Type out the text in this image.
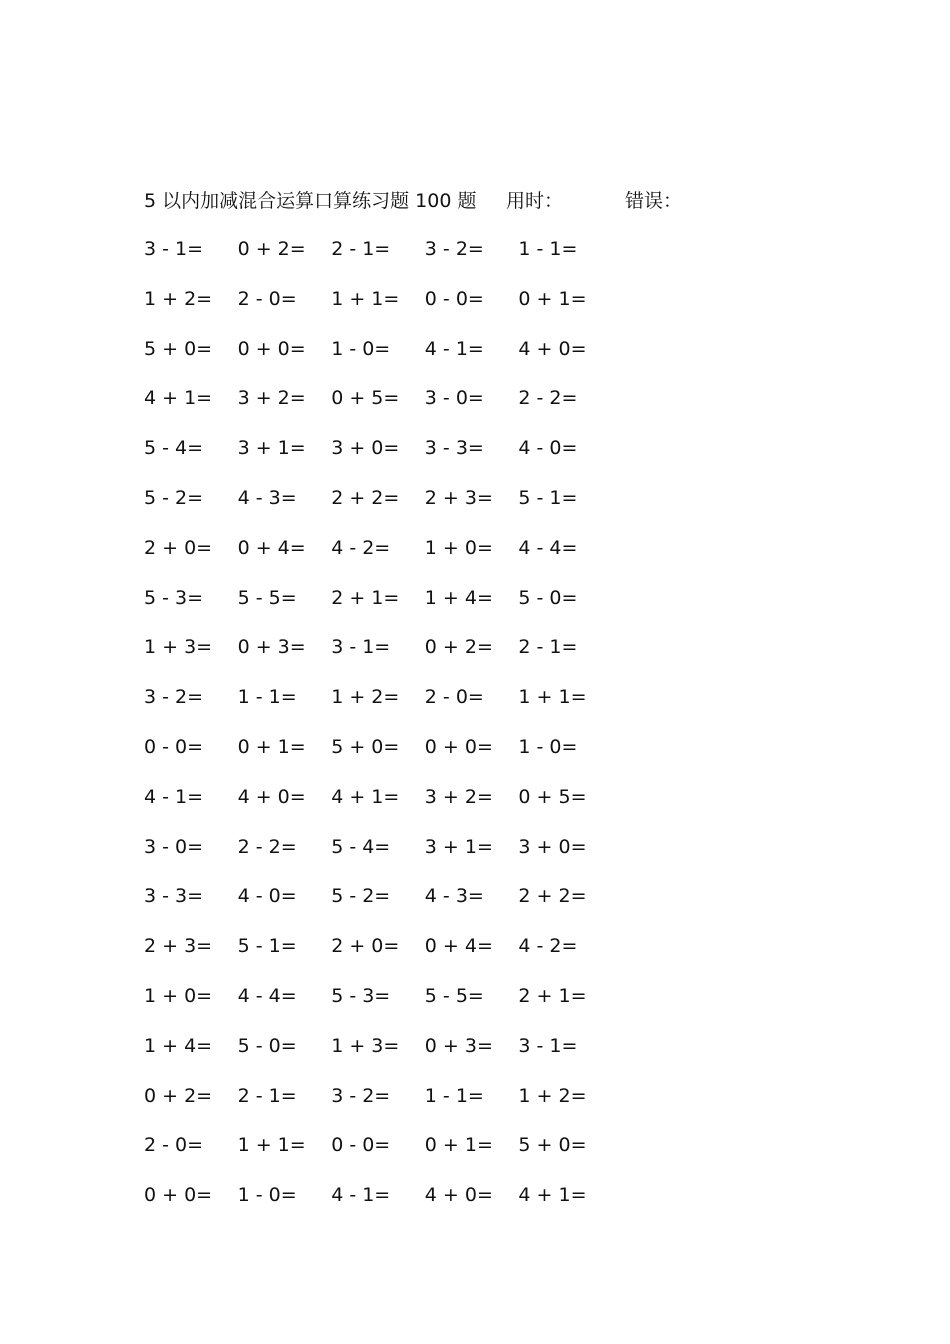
5 以内加减混合运算口算练习题 100 题 用时：	错误：
3 - 1=	0 + 2=	2 - 1=	3 - 2=	1 - 1=
1 + 2=	2 - 0=	1 + 1=	0 - 0=	0 + 1=
5 + 0=	0 + 0=	1 - 0=	4 - 1=	4 + 0=
4 + 1=	3 + 2=	0 + 5=	3 - 0=	2 - 2=
5 - 4=	3 + 1=	3 + 0=	3 - 3=	4 - 0=
5 - 2=	4 - 3=	2 + 2=	2 + 3=	5 - 1=
2 + 0=	0 + 4=	4 - 2=	1 + 0=	4 - 4=
5 - 3=	5 - 5=	2 + 1=	1 + 4=	5 - 0=
1 + 3=	0 + 3=	3 - 1=	0 + 2=	2 - 1=
3 - 2=	1 - 1=	1 + 2=	2 - 0=	1 + 1=
0 - 0=	0 + 1=	5 + 0=	0 + 0=	1 - 0=
4 - 1=	4 + 0=	4 + 1=	3 + 2=	0 + 5=
3 - 0=	2 - 2=	5 - 4=	3 + 1=	3 + 0=
3 - 3=	4 - 0=	5 - 2=	4 - 3=	2 + 2=
2 + 3=	5 - 1=	2 + 0=	0 + 4=	4 - 2=
1 + 0=	4 - 4=	5 - 3=	5 - 5=	2 + 1=
1 + 4=	5 - 0=	1 + 3=	0 + 3=	3 - 1=
0 + 2=	2 - 1=	3 - 2=	1 - 1=	1 + 2=
2 - 0=	1 + 1=	0 - 0=	0 + 1=	5 + 0=
0 + 0=	1 - 0=	4 - 1=	4 + 0=	4 + 1=
